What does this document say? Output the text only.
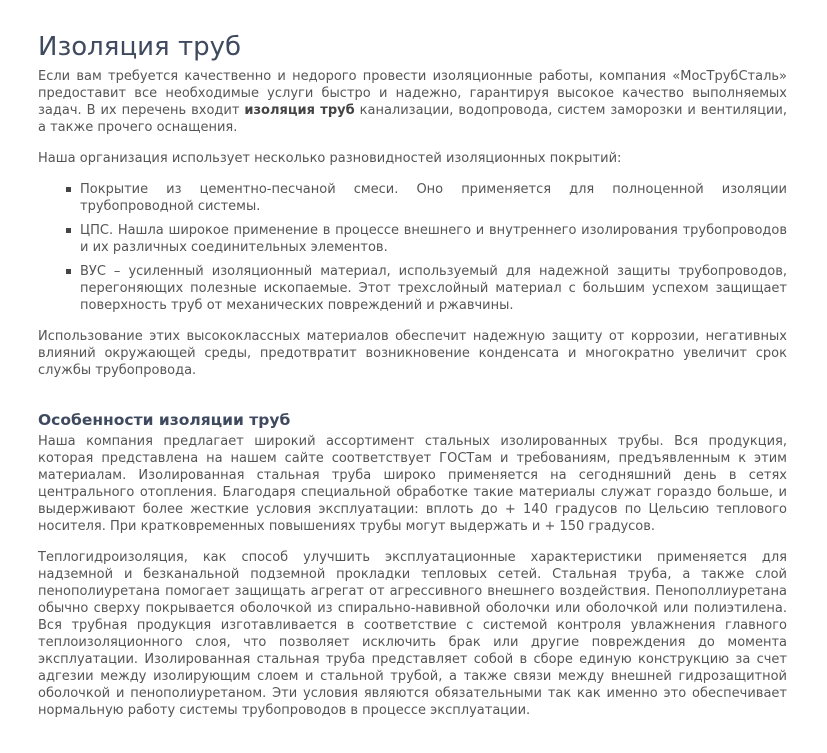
Изоляция труб

Если вам требуется качественно и недорого провести изоляционные работы, компания «МосТрубСталь» предоставит все необходимые услуги быстро и надежно, гарантируя высокое качество выполняемых задач. В их перечень входит изоляция труб канализации, водопровода, систем заморозки и вентиляции, а также прочего оснащения.

Наша организация использует несколько разновидностей изоляционных покрытий:

Покрытие из цементно-песчаной смеси. Оно применяется для полноценной изоляции трубопроводной системы.
ЦПС. Нашла широкое применение в процессе внешнего и внутреннего изолирования трубопроводов и их различных соединительных элементов.
ВУС – усиленный изоляционный материал, используемый для надежной защиты трубопроводов, перегоняющих полезные ископаемые. Этот трехслойный материал с большим успехом защищает поверхность труб от механических повреждений и ржавчины.

Использование этих высококлассных материалов обеспечит надежную защиту от коррозии, негативных влияний окружающей среды, предотвратит возникновение конденсата и многократно увеличит срок службы трубопровода.

Особенности изоляции труб

Наша компания предлагает широкий ассортимент стальных изолированных трубы. Вся продукция, которая представлена на нашем сайте соответствует ГОСТам и требованиям, предъявленным к этим материалам. Изолированная стальная труба широко применяется на сегодняшний день в сетях центрального отопления. Благодаря специальной обработке такие материалы служат гораздо больше, и выдерживают более жесткие условия эксплуатации: вплоть до + 140 градусов по Цельсию теплового носителя. При кратковременных повышениях трубы могут выдержать и + 150 градусов.

Теплогидроизоляция, как способ улучшить эксплуатационные характеристики применяется для надземной и безканальной подземной прокладки тепловых сетей. Стальная труба, а также слой пенополиуретана помогает защищать агрегат от агрессивного внешнего воздействия. Пенополлиуретана обычно сверху покрывается оболочкой из спирально-навивной оболочки или оболочкой или полиэтилена. Вся трубная продукция изготавливается в соответствие с системой контроля увлажнения главного теплоизоляционного слоя, что позволяет исключить брак или другие повреждения до момента эксплуатации. Изолированная стальная труба представляет собой в сборе единую конструкцию за счет адгезии между изолирующим слоем и стальной трубой, а также связи между внешней гидрозащитной оболочкой и пенополиуретаном. Эти условия являются обязательными так как именно это обеспечивает нормальную работу системы трубопроводов в процессе эксплуатации.
